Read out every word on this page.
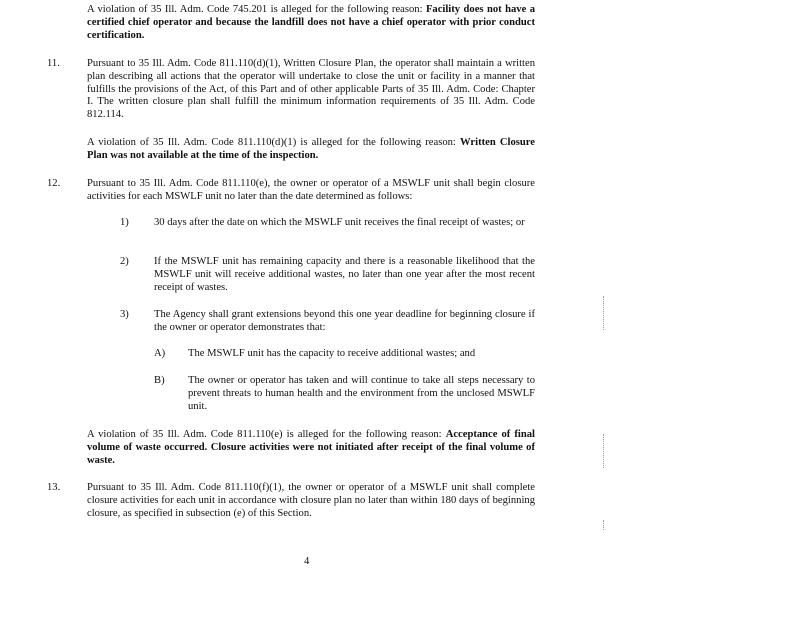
A violation of 35 Ill. Adm. Code 745.201 is alleged for the following reason: Facility does not have a certified chief operator and because the landfill does not have a chief operator with prior conduct certification.
11.	Pursuant to 35 Ill. Adm. Code 811.110(d)(1), Written Closure Plan, the operator shall maintain a written plan describing all actions that the operator will undertake to close the unit or facility in a manner that fulfills the provisions of the Act, of this Part and of other applicable Parts of 35 Ill. Adm. Code: Chapter I. The written closure plan shall fulfill the minimum information requirements of 35 Ill. Adm. Code 812.114.
A violation of 35 Ill. Adm. Code 811.110(d)(1) is alleged for the following reason: Written Closure Plan was not available at the time of the inspection.
12.	Pursuant to 35 Ill. Adm. Code 811.110(e), the owner or operator of a MSWLF unit shall begin closure activities for each MSWLF unit no later than the date determined as follows:
1) 30 days after the date on which the MSWLF unit receives the final receipt of wastes; or
2) If the MSWLF unit has remaining capacity and there is a reasonable likelihood that the MSWLF unit will receive additional wastes, no later than one year after the most recent receipt of wastes.
3) The Agency shall grant extensions beyond this one year deadline for beginning closure if the owner or operator demonstrates that:
A) The MSWLF unit has the capacity to receive additional wastes; and
B) The owner or operator has taken and will continue to take all steps necessary to prevent threats to human health and the environment from the unclosed MSWLF unit.
A violation of 35 Ill. Adm. Code 811.110(e) is alleged for the following reason: Acceptance of final volume of waste occurred. Closure activities were not initiated after receipt of the final volume of waste.
13.	Pursuant to 35 Ill. Adm. Code 811.110(f)(1), the owner or operator of a MSWLF unit shall complete closure activities for each unit in accordance with closure plan no later than within 180 days of beginning closure, as specified in subsection (e) of this Section.
4
